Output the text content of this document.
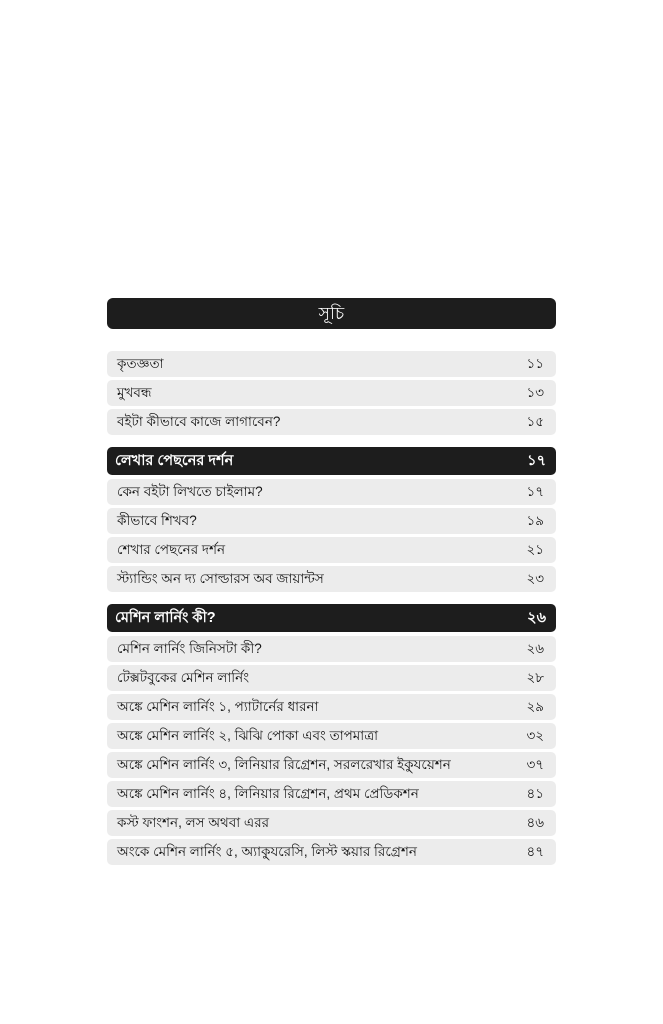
সূচি
কৃতজ্ঞতা	১১
মুখবন্ধ	১৩
বইটা কীভাবে কাজে লাগাবেন?	১৫
লেখার পেছনের দর্শন	১৭
কেন বইটা লিখতে চাইলাম?	১৭
কীভাবে শিখব?	১৯
শেখার পেছনের দর্শন	২১
স্ট্যান্ডিং অন দ্য সোল্ডারস অব জায়ান্টস	২৩
মেশিন লার্নিং কী?	২৬
মেশিন লার্নিং জিনিসটা কী?	২৬
টেক্সটবুকের মেশিন লার্নিং	২৮
অঙ্কে মেশিন লার্নিং ১, প্যাটার্নের ধারনা	২৯
অঙ্কে মেশিন লার্নিং ২, ঝিঝি পোকা এবং তাপমাত্রা	৩২
অঙ্কে মেশিন লার্নিং ৩, লিনিয়ার রিগ্রেশন, সরলরেখার ইকু্যয়েশন	৩৭
অঙ্কে মেশিন লার্নিং ৪, লিনিয়ার রিগ্রেশন, প্রথম প্রেডিকশন	৪১
কস্ট ফাংশন, লস অথবা এরর	৪৬
অংকে মেশিন লার্নিং ৫, অ্যাকু্যরেসি, লিস্ট স্কয়ার রিগ্রেশন	৪৭
